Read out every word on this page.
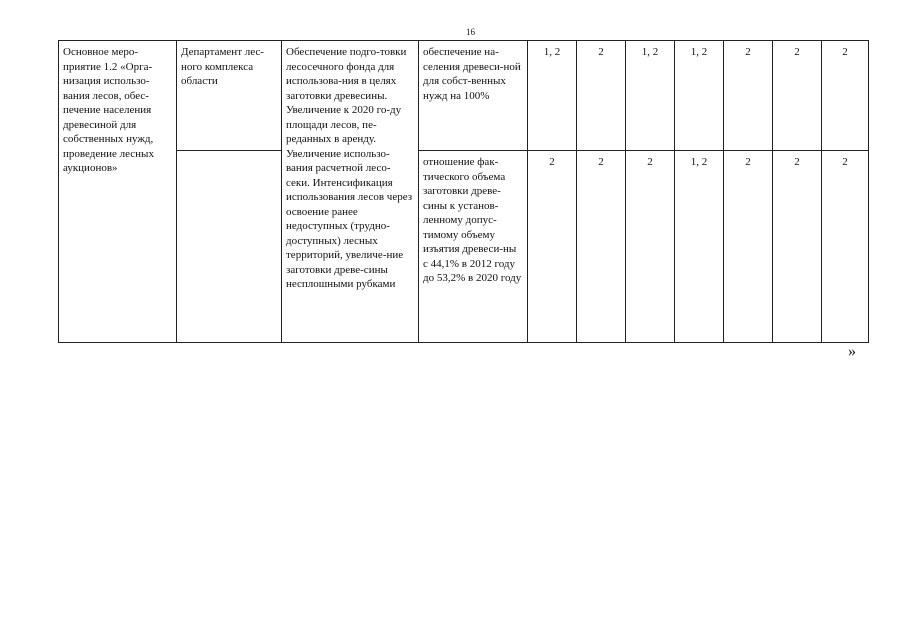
16
Основное меро-приятие 1.2 «Орга-низация использо-вания лесов, обес-печение населения древесиной для собственных нужд, проведение лесных аукционов»	Департамент лес-ного комплекса области	Обеспечение подго-товки лесосечного фонда для использова-ния в целях заготовки древесины.
Увеличение к 2020 го-ду площади лесов, пе-реданных в аренду.
Увеличение использо-вания расчетной лесо-секи. Интенсификация использования лесов через освоение ранее недоступных (трудно-доступных) лесных территорий, увеличе-ние заготовки древе-сины несплошными рубками	обеспечение на-селения древеси-ной для собст-венных нужд на 100%	1, 2	2	1, 2	1, 2	2	2	2
			отношение фак-тического объема заготовки древе-сины к установ-ленному допус-тимому объему изъятия древеси-ны с 44,1% в 2012 году до 53,2% в 2020 году	2	2	2	1, 2	2	2	2
»
